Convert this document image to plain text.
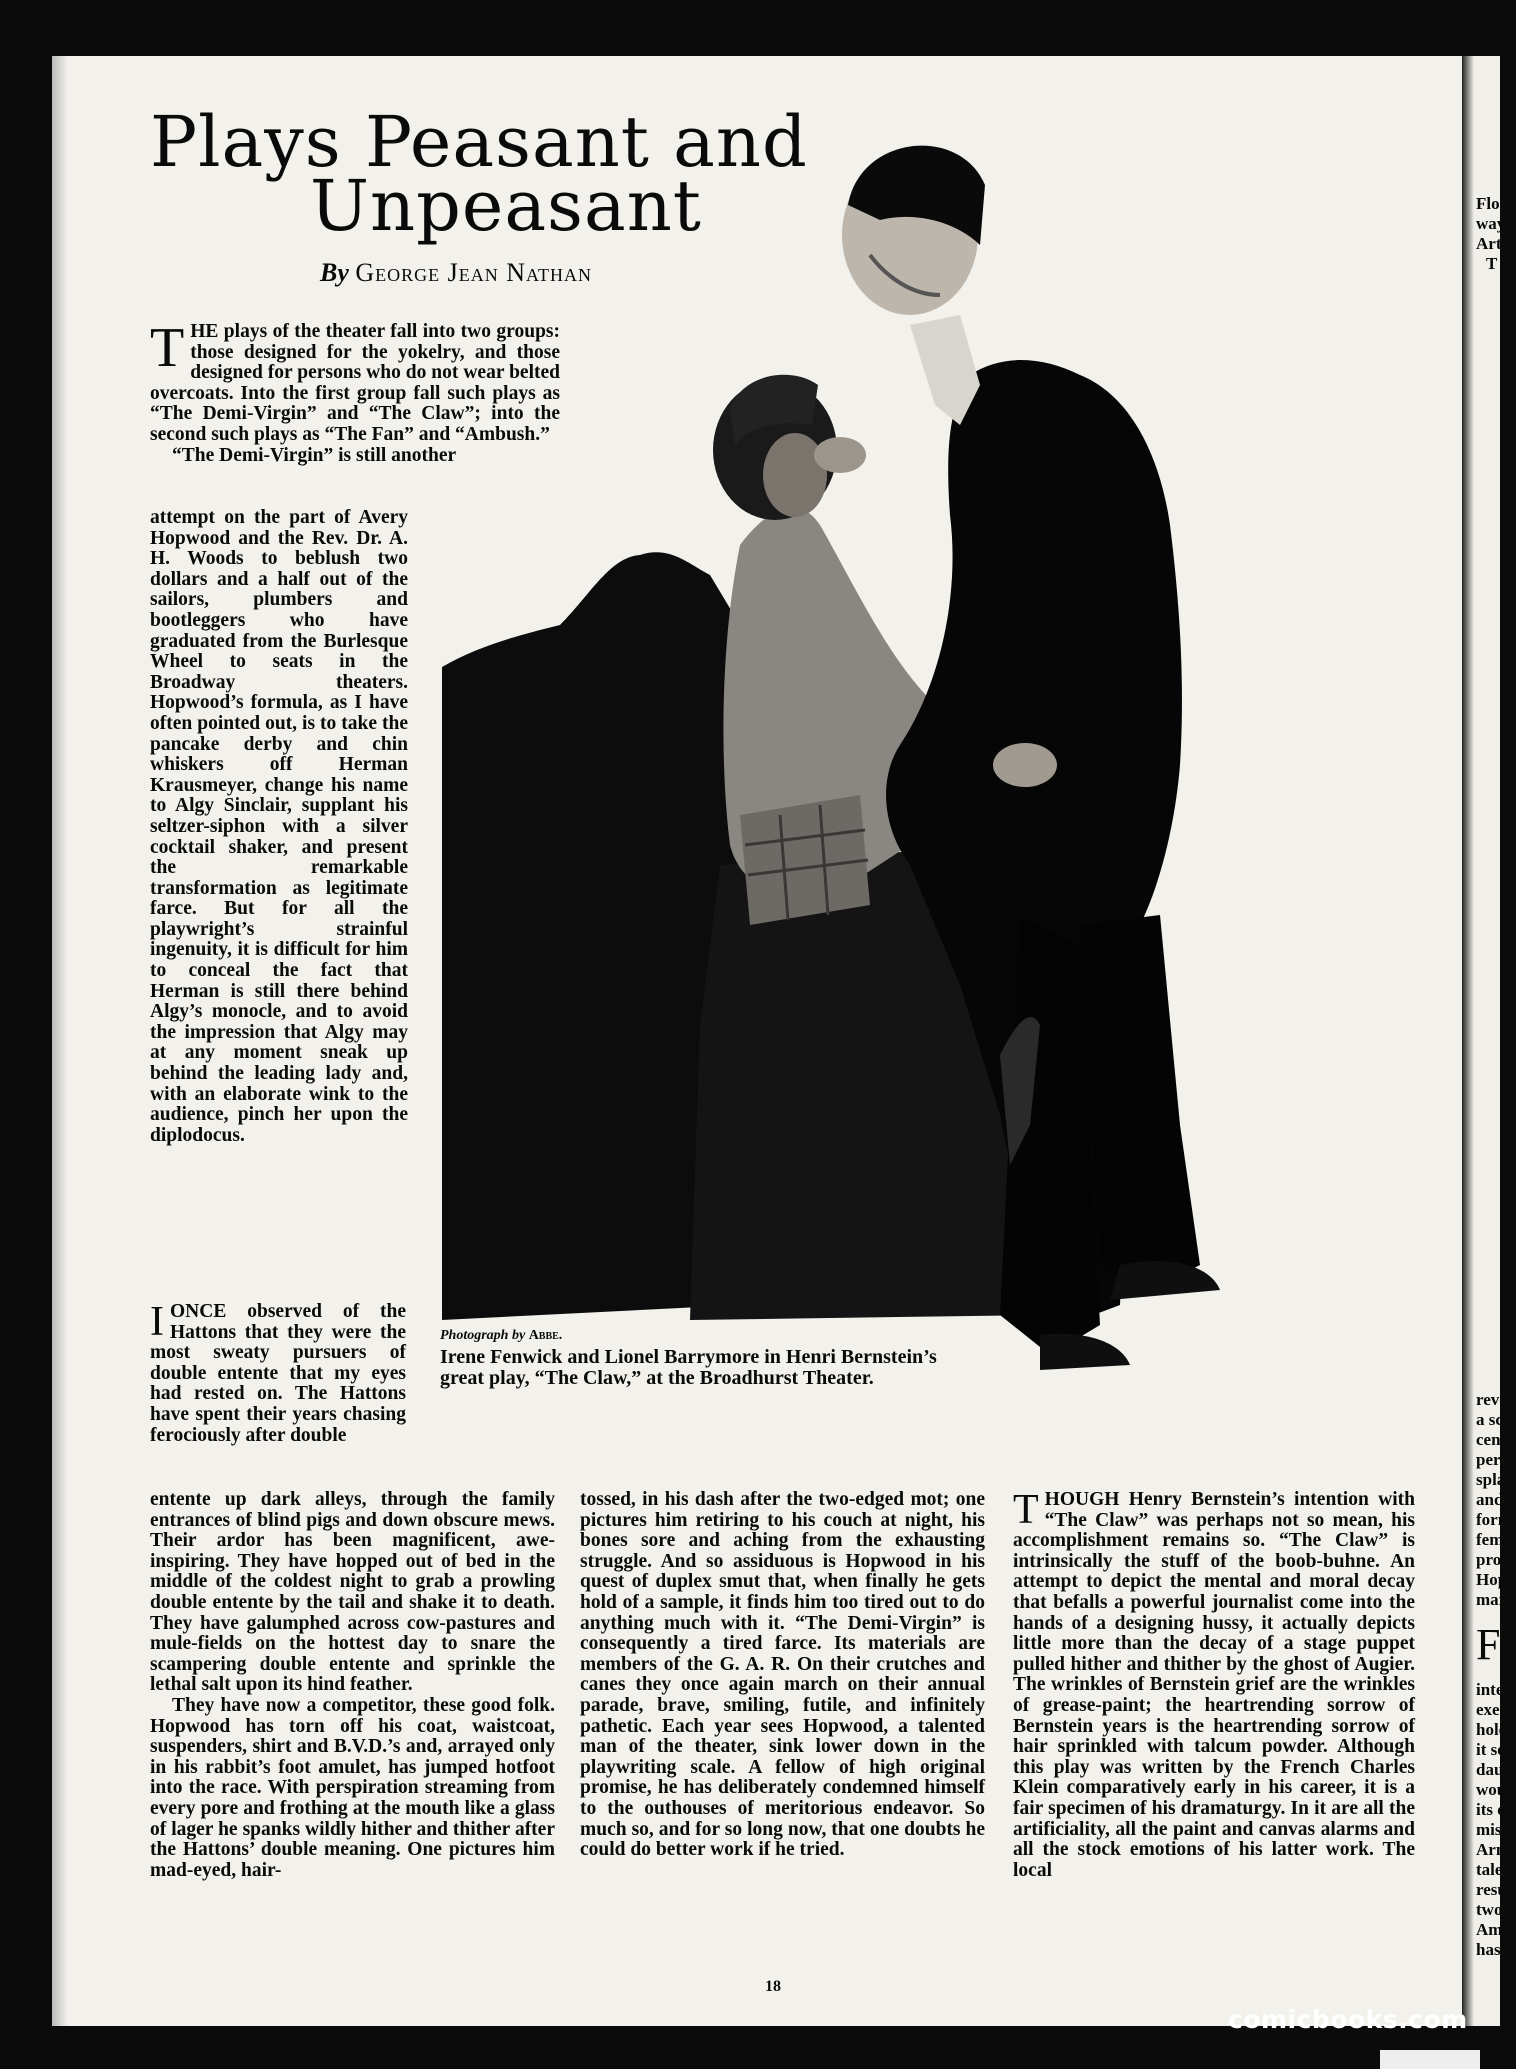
Flo
way
Art
T
reve
a sc
cent
perf
spla
and
form
fema
prod
Hop
mark
F
intel
exec
hold
it se
daug
wou
its e
mise
Arm
tale
resu
two,
Ame
has
Plays Peasant and
Unpeasant
By George Jean Nathan
Photograph by Abbe.
Irene Fenwick and Lionel Barrymore in Henri Bernstein’s great play, “The Claw,” at the Broadhurst Theater.

THE plays of the theater fall into two groups: those designed for the yokelry, and those designed for persons who do not wear belted overcoats. Into the first group fall such plays as “The Demi-Virgin” and “The Claw”; into the second such plays as “The Fan” and “Ambush.”

“The Demi-Virgin” is still another

attempt on the part of Avery Hopwood and the Rev. Dr. A. H. Woods to beblush two dollars and a half out of the sailors, plumbers and bootleggers who have graduated from the Burlesque Wheel to seats in the Broadway theaters. Hopwood’s formula, as I have often pointed out, is to take the pancake derby and chin whiskers off Herman Krausmeyer, change his name to Algy Sinclair, supplant his seltzer-siphon with a silver cocktail shaker, and present the remarkable transformation as legitimate farce. But for all the playwright’s strainful ingenuity, it is difficult for him to conceal the fact that Herman is still there behind Algy’s monocle, and to avoid the impression that Algy may at any moment sneak up behind the leading lady and, with an elaborate wink to the audience, pinch her upon the diplodocus.

IONCE observed of the Hattons that they were the most sweaty pursuers of double entente that my eyes had rested on. The Hattons have spent their years chasing ferociously after double

entente up dark alleys, through the family entrances of blind pigs and down obscure mews. Their ardor has been magnificent, awe-inspiring. They have hopped out of bed in the middle of the coldest night to grab a prowling double entente by the tail and shake it to death. They have galumphed across cow-pastures and mule-fields on the hottest day to snare the scampering double entente and sprinkle the lethal salt upon its hind feather.

They have now a competitor, these good folk. Hopwood has torn off his coat, waistcoat, suspenders, shirt and B.V.D.’s and, arrayed only in his rabbit’s foot amulet, has jumped hotfoot into the race. With perspiration streaming from every pore and frothing at the mouth like a glass of lager he spanks wildly hither and thither after the Hattons’ double meaning. One pictures him mad-eyed, hair-

tossed, in his dash after the two-edged mot; one pictures him retiring to his couch at night, his bones sore and aching from the exhausting struggle. And so assiduous is Hopwood in his quest of duplex smut that, when finally he gets hold of a sample, it finds him too tired out to do anything much with it. “The Demi-Virgin” is consequently a tired farce. Its materials are members of the G. A. R. On their crutches and canes they once again march on their annual parade, brave, smiling, futile, and infinitely pathetic. Each year sees Hopwood, a talented man of the theater, sink lower down in the playwriting scale. A fellow of high original promise, he has deliberately condemned himself to the outhouses of meritorious endeavor. So much so, and for so long now, that one doubts he could do better work if he tried.

THOUGH Henry Bernstein’s intention with “The Claw” was perhaps not so mean, his accomplishment remains so. “The Claw” is intrinsically the stuff of the boob-buhne. An attempt to depict the mental and moral decay that befalls a powerful journalist come into the hands of a designing hussy, it actually depicts little more than the decay of a stage puppet pulled hither and thither by the ghost of Augier. The wrinkles of Bernstein grief are the wrinkles of grease-paint; the heartrending sorrow of Bernstein years is the heartrending sorrow of hair sprinkled with talcum powder. Although this play was written by the French Charles Klein comparatively early in his career, it is a fair specimen of his dramaturgy. In it are all the artificiality, all the paint and canvas alarms and all the stock emotions of his latter work. The local

18
comicbooks.com
